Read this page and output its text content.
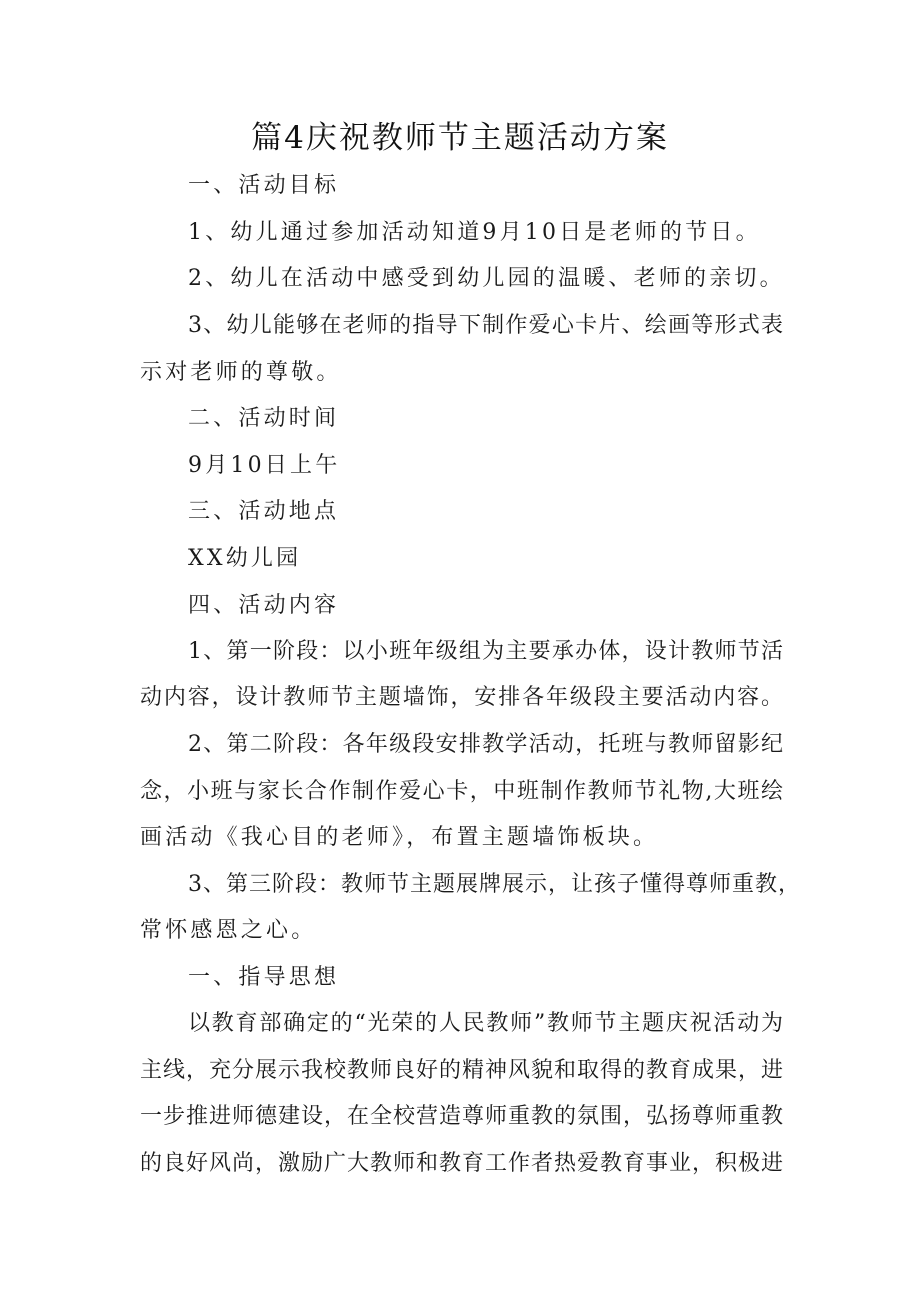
篇4庆祝教师节主题活动方案
一、活动目标
1、幼儿通过参加活动知道9月10日是老师的节日。
2、幼儿在活动中感受到幼儿园的温暖、老师的亲切。
3、幼儿能够在老师的指导下制作爱心卡片、绘画等形式表
示对老师的尊敬。
二、活动时间
9月10日上午
三、活动地点
XX幼儿园
四、活动内容
1、第一阶段：以小班年级组为主要承办体，设计教师节活
动内容，设计教师节主题墙饰，安排各年级段主要活动内容。
2、第二阶段：各年级段安排教学活动，托班与教师留影纪
念，小班与家长合作制作爱心卡，中班制作教师节礼物,大班绘
画活动《我心目的老师》，布置主题墙饰板块。
3、第三阶段：教师节主题展牌展示，让孩子懂得尊师重教，
常怀感恩之心。
一、指导思想
以教育部确定的“光荣的人民教师”教师节主题庆祝活动为
主线，充分展示我校教师良好的精神风貌和取得的教育成果，进
一步推进师德建设，在全校营造尊师重教的氛围，弘扬尊师重教
的良好风尚，激励广大教师和教育工作者热爱教育事业，积极进
